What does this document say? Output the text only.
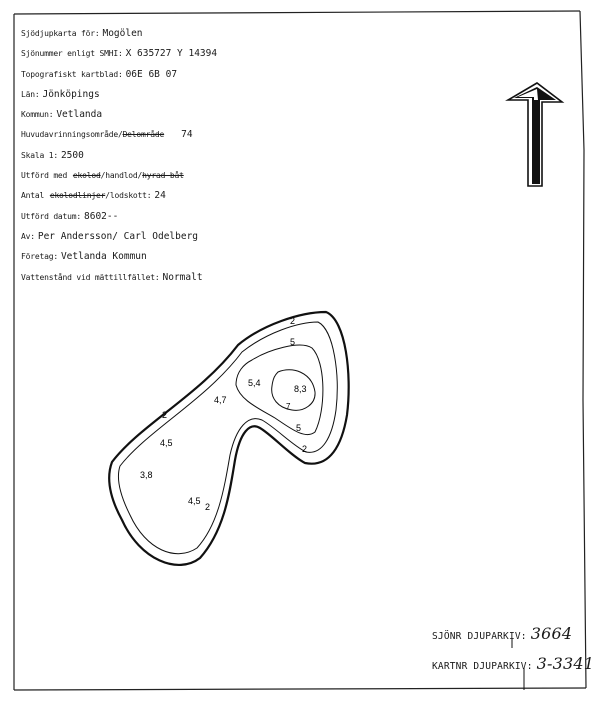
2
5
5,4
8,3
7
4,7
5
2
2
4,5
3,8
4,5
2
Sjödjupkarta för: Mogölen
Sjönummer enligt SMHI: X 635727 Y 14394
Topografiskt kartblad: 06E 6B 07
Län: Jönköpings
Kommun: Vetlanda
Huvudavrinningsområde/Delområde 74
Skala 1: 2500
Utförd med ekolod/handlod/hyrad båt
Antal ekolodlinjer/lodskott: 24
Utförd datum: 8602--
Av: Per Andersson/ Carl Odelberg
Företag: Vetlanda Kommun
Vattenstånd vid mättillfället: Normalt
SJÖNR DJUPARKIV: 3664
KARTNR DJUPARKIV: 3-3341
